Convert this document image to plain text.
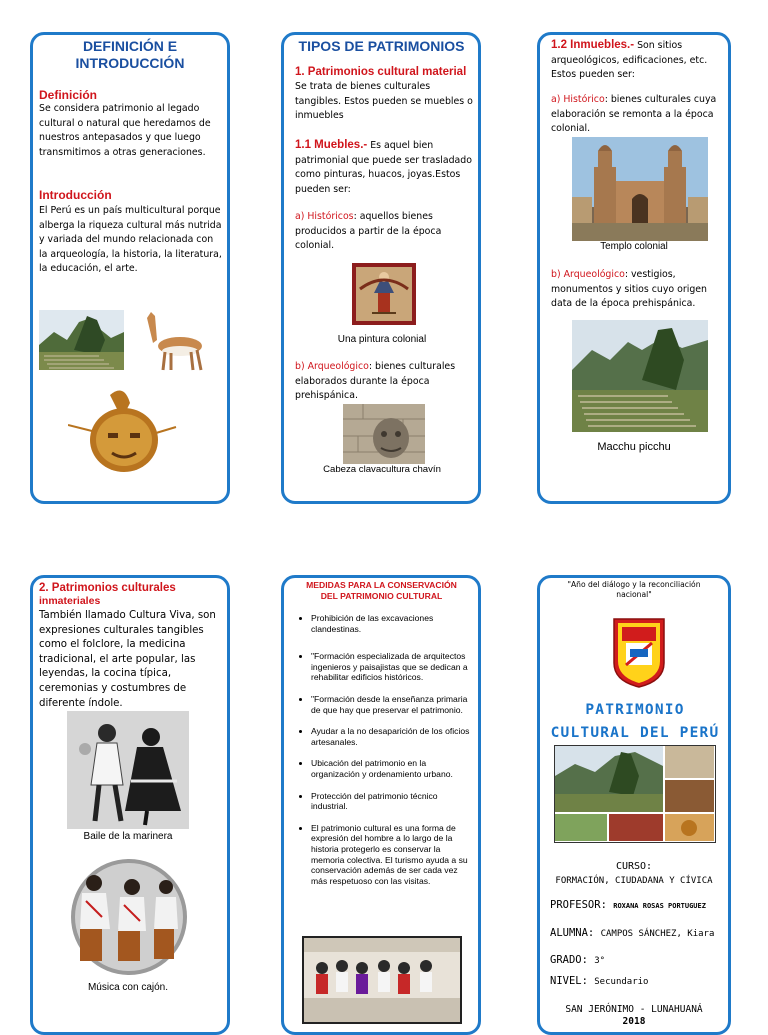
DEFINICIÓN E
INTRODUCCIÓN
Definición
Se considera patrimonio al legado cultural o natural que heredamos de nuestros antepasados y que luego transmitimos a otras generaciones.
Introducción
El Perú es un país multicultural porque alberga la riqueza cultural más nutrida y variada del mundo relacionada con la arqueología, la historia, la literatura, la educación, el arte.
TIPOS DE PATRIMONIOS
1. Patrimonios cultural material
Se trata de bienes culturales tangibles. Estos pueden se muebles o inmuebles
1.1 Muebles.- Es aquel bien patrimonial que puede ser trasladado como pinturas, huacos, joyas.Estos pueden ser:
a) Históricos: aquellos bienes producidos a partir de la época colonial.
Una pintura colonial
b) Arqueológico: bienes culturales elaborados durante la época prehispánica.
Cabeza clavacultura chavín
1.2 Inmuebles.- Son sitios arqueológicos, edificaciones, etc. Estos pueden ser:
a) Histórico: bienes culturales cuya elaboración se remonta a la época colonial.
Templo colonial
b) Arqueológico: vestigios, monumentos y sitios cuyo origen data de la época prehispánica.
Macchu picchu
2. Patrimonios culturales
inmateriales
También llamado Cultura Viva, son expresiones culturales tangibles como el folclore, la medicina tradicional, el arte popular, las leyendas, la cocina típica, ceremonias y costumbres de diferente índole.
Baile de la marinera
Música con cajón.
MEDIDAS PARA LA CONSERVACIÓN
DEL PATRIMONIO CULTURAL
• Prohibición de las excavaciones clandestinas.
• "Formación especializada de arquitectos ingenieros y paisajistas que se dedican a rehabilitar edificios históricos.
• "Formación desde la enseñanza primaria de que hay que preservar el patrimonio.
• Ayudar a la no desaparición de los oficios artesanales.
• Ubicación del patrimonio en la organización y ordenamiento urbano.
• Protección del patrimonio técnico industrial.
• El patrimonio cultural es una forma de expresión del hombre a lo largo de la historia protegerlo es conservar la memoria colectiva. El turismo ayuda a su conservación además de ser cada vez más respetuoso con las visitas.
"Año del diálogo y la reconciliación
nacional"
PATRIMONIO
CULTURAL DEL PERÚ
CURSO:
FORMACIÓN, CIUDADANA Y CÍVICA
PROFESOR: ROXANA ROSAS PORTUGUEZ
ALUMNA: CAMPOS SÁNCHEZ, Kiara
GRADO: 3°
NIVEL: Secundario
SAN JERÓNIMO - LUNAHUANÁ
2018
